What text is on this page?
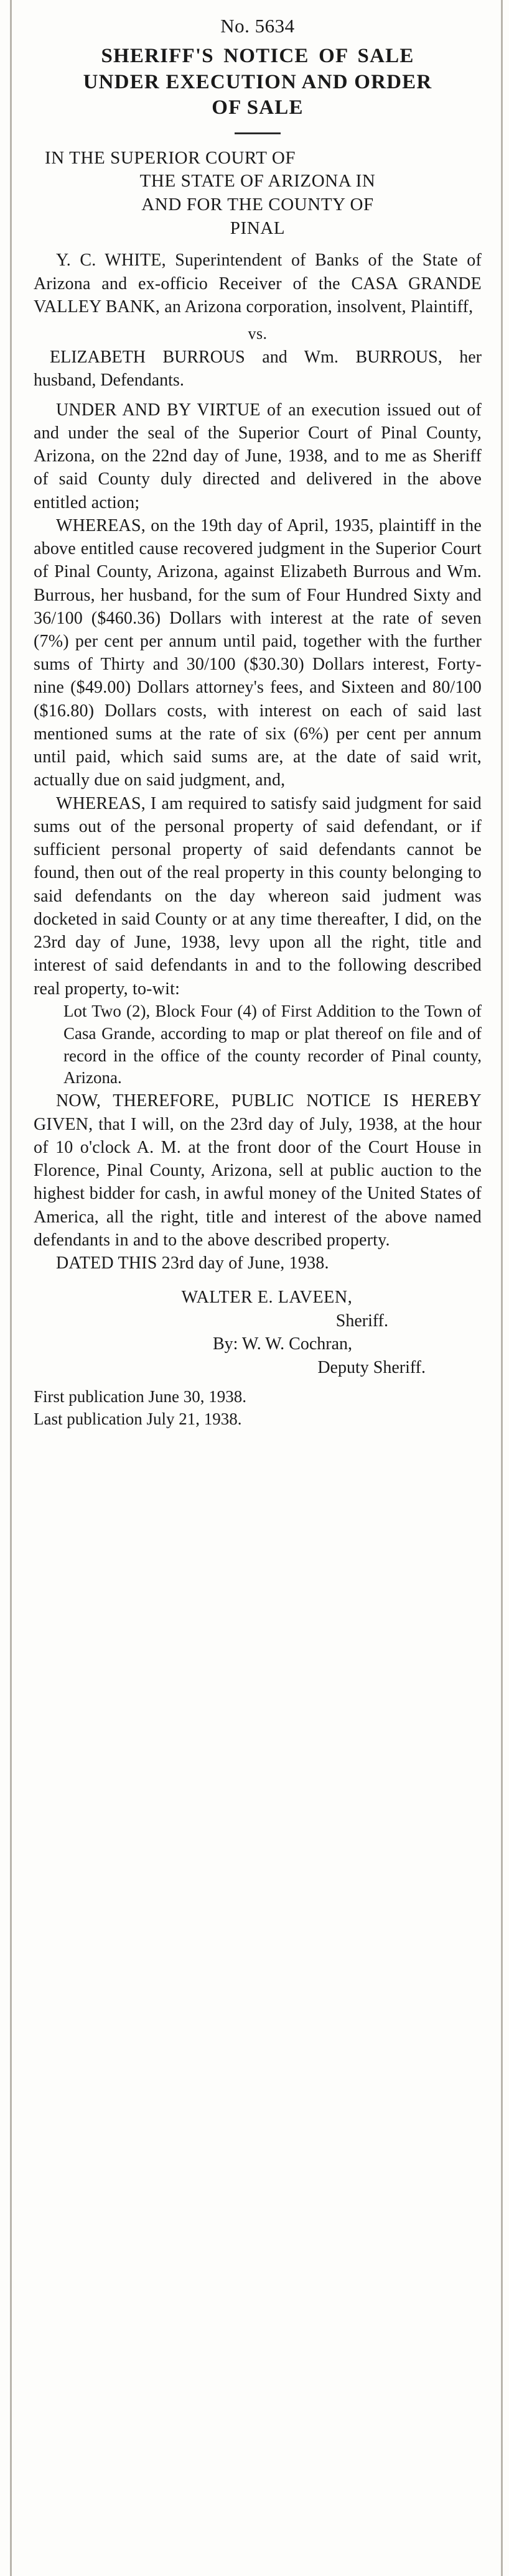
No. 5634
SHERIFF'S NOTICE OF SALE
UNDER EXECUTION AND ORDER
OF SALE
IN THE SUPERIOR COURT OF
THE STATE OF ARIZONA IN
AND FOR THE COUNTY OF
PINAL

Y. C. WHITE, Superintendent of Banks of the State of Arizona and ex-officio Receiver of the CASA GRANDE VALLEY BANK, an Arizona corporation, insolvent, Plaintiff,

vs.

ELIZABETH BURROUS and Wm. BURROUS, her husband, Defendants.

UNDER AND BY VIRTUE of an execution issued out of and under the seal of the Superior Court of Pinal County, Arizona, on the 22nd day of June, 1938, and to me as Sheriff of said County duly directed and delivered in the above entitled action;

WHEREAS, on the 19th day of April, 1935, plaintiff in the above entitled cause recovered judgment in the Superior Court of Pinal County, Arizona, against Elizabeth Burrous and Wm. Burrous, her husband, for the sum of Four Hundred Sixty and 36/100 ($460.36) Dollars with interest at the rate of seven (7%) per cent per annum until paid, together with the further sums of Thirty and 30/100 ($30.30) Dollars interest, Forty-nine ($49.00) Dollars attorney's fees, and Sixteen and 80/100 ($16.80) Dollars costs, with interest on each of said last mentioned sums at the rate of six (6%) per cent per annum until paid, which said sums are, at the date of said writ, actually due on said judgment, and,

WHEREAS, I am required to satisfy said judgment for said sums out of the personal property of said defendant, or if sufficient personal property of said defendants cannot be found, then out of the real property in this county belonging to said defendants on the day whereon said judment was docketed in said County or at any time thereafter, I did, on the 23rd day of June, 1938, levy upon all the right, title and interest of said defendants in and to the following described real property, to-wit:

Lot Two (2), Block Four (4) of First Addition to the Town of Casa Grande, according to map or plat thereof on file and of record in the office of the county recorder of Pinal county, Arizona.

NOW, THEREFORE, PUBLIC NOTICE IS HEREBY GIVEN, that I will, on the 23rd day of July, 1938, at the hour of 10 o'clock A. M. at the front door of the Court House in Florence, Pinal County, Arizona, sell at public auction to the highest bidder for cash, in awful money of the United States of America, all the right, title and interest of the above named defendants in and to the above described property.

DATED THIS 23rd day of June, 1938.

WALTER E. LAVEEN,
Sheriff.
By: W. W. Cochran,
Deputy Sheriff.
First publication June 30, 1938.
Last publication July 21, 1938.
